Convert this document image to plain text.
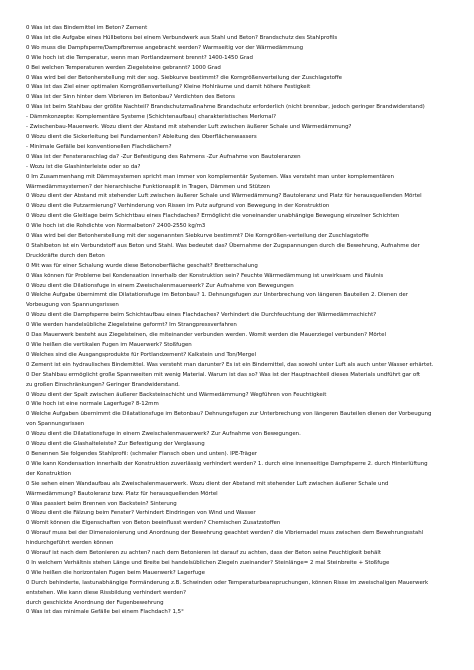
0 Was ist das Bindemittel im Beton? Zement
0 Was ist die Aufgabe eines Hüllbetons bei einem Verbundwerk aus Stahl und Beton? Brandschutz des Stahlprofils
0 Wo muss die Dampfsperre/Dampfbremse angebracht werden? Warmseitig vor der Wärmedämmung
0 Wie hoch ist die Temperatur, wenn man Portlandzement brennt? 1400-1450 Grad
0 Bei welchen Temperaturen werden Ziegelsteine gebrannt? 1000 Grad
0 Was wird bei der Betonherstellung mit der sog. Siebkurve bestimmt? die Korngrößenverteilung der Zuschlagstoffe
0 Was ist das Ziel einer optimalen Korngrößenverteilung? Kleine Hohlräume und damit höhere Festigkeit
0 Was ist der Sinn hinter dem Vibrieren im Betonbau? Verdichten des Betons
0 Was ist beim Stahlbau der größte Nachteil? Brandschutzmaßnahme Brandschutz erforderlich (nicht brennbar, jedoch geringer Brandwiderstand)
- Dämmkonzepte: Komplementäre Systeme (Schichtenaufbau) charakteristisches Merkmal?
- Zwischenbau-Mauerwerk. Wozu dient der Abstand mit stehender Luft zwischen äußerer Schale und Wärmedämmung?
0 Wozu dient die Sickerleitung bei Fundamenten? Ableitung des Oberflächenwassers
- Minimale Gefälle bei konventionellen Flachdächern?
0 Was ist der Fensteranschlag da? -Zur Befestigung des Rahmens -Zur Aufnahme von Bautoleranzen
- Wozu ist die Glashinterleiste oder so da?
0 Im Zusammenhang mit Dämmsystemen spricht man immer von komplementär Systemen. Was versteht man unter komplementären
Wärmedämmsystemen? der hierarchische Funktionssplit in Tragen, Dämmen und Stützen
0 Wozu dient der Abstand mit stehender Luft zwischen äußerer Schale und Wärmedämmung? Bautoleranz und Platz für herausquellenden Mörtel
0 Wozu dient die Putzarmierung? Verhinderung von Rissen im Putz aufgrund von Bewegung in der Konstruktion
0 Wozu dient die Gleitlage beim Schichtbau eines Flachdaches? Ermöglicht die voneinander unabhängige Bewegung einzelner Schichten
0 Wie hoch ist die Rohdichte von Normalbeton? 2400-2550 kg/m3
0 Was wird bei der Betonherstellung mit der sogenannten Siebkurve bestimmt? Die Korngrößen-verteilung der Zuschlagstoffe
0 Stahlbeton ist ein Verbundstoff aus Beton und Stahl. Was bedeutet das? Übernahme der Zugspannungen durch die Bewehrung, Aufnahme der
Druckkräfte durch den Beton
0 Mit was für einer Schalung wurde diese Betonoberfläche geschalt? Bretterschalung
0 Was können für Probleme bei Kondensation innerhalb der Konstruktion sein? Feuchte Wärmedämmung ist unwirksam und Fäulnis
0 Wozu dient die Dilationsfuge in einem Zweischalenmauerwerk? Zur Aufnahme von Bewegungen
0 Welche Aufgabe übernimmt die Dilatationsfuge im Betonbau? 1. Dehnungsfugen zur Unterbrechung von längeren Bauteilen 2. Dienen der
Vorbeugung von Spannungsrissen
0 Wozu dient die Dampfsperre beim Schichtaufbau eines Flachdaches? Verhindert die Durchfeuchtung der Wärmedämmschicht?
0 Wie werden handelsübliche Ziegelsteine geformt? Im Strangpressverfahren
0 Das Mauerwerk besteht aus Ziegelsteinen, die miteinander verbunden werden. Womit werden die Mauerziegel verbunden? Mörtel
0 Wie heißen die vertikalen Fugen im Mauerwerk? Stoßfugen
0 Welches sind die Ausgangsprodukte für Portlandzement? Kalkstein und Ton/Mergel
0 Zement ist ein hydraulisches Bindemittel. Was versteht man darunter? Es ist ein Bindemittel, das sowohl unter Luft als auch unter Wasser erhärtet.
0 Der Stahlbau ermöglicht große Spannweiten mit wenig Material. Warum ist das so? Was ist der Hauptnachteil dieses Materials undführt gar oft
zu großen Einschränkungen? Geringer Brandwiderstand.
0 Wozu dient der Spalt zwischen äußerer Backsteinschicht und Wärmedämmung? Wegführen von Feuchtigkeit
0 Wie hoch ist eine normale Lagerfuge? 8-12mm
0 Welche Aufgaben übernimmt die Dilatationsfuge im Betonbau? Dehnungsfugen zur Unterbrechung von längeren Bauteilen dienen der Vorbeugung
von Spannungsrissen
0 Wozu dient die Dilatationsfuge in einem Zweischalenmauerwerk? Zur Aufnahme von Bewegungen.
0 Wozu dient die Glashalteleiste? Zur Befestigung der Verglasung
0 Benennen Sie folgendes Stahlprofil: (schmaler Flansch oben und unten). IPE-Träger
0 Wie kann Kondensation innerhalb der Konstruktion zuverlässig verhindert werden? 1. durch eine innenseitige Dampfsperre 2. durch Hinterlüftung
der Konstruktion
0 Sie sehen einen Wandaufbau als Zweischalenmauerwerk. Wozu dient der Abstand mit stehender Luft zwischen äußerer Schale und
Wärmedämmung? Bautoleranz bzw. Platz für herausquellenden Mörtel
0 Was passiert beim Brennen von Backstein? Sinterung
0 Wozu dient die Fälzung beim Fenster? Verhindert Eindringen von Wind und Wasser
0 Womit können die Eigenschaften von Beton beeinflusst werden? Chemischen Zusatzstoffen
0 Worauf muss bei der Dimensionierung und Anordnung der Bewehrung geachtet werden? die Vibriernadel muss zwischen dem Bewehrungsstahl
hindurchgeführt werden können
0 Worauf ist nach dem Betonieren zu achten? nach dem Betonieren ist darauf zu achten, dass der Beton seine Feuchtigkeit behält
0 In welchem Verhältnis stehen Länge und Breite bei handelsüblichen Ziegeln zueinander? Steinlänge= 2 mal Steinbreite + Stoßfuge
0 Wie heißen die horizontalen Fugen beim Mauerwerk? Lagerfuge
0 Durch behinderte, lastunabhängige Formänderung z.B. Schwinden oder Temperaturbeanspruchungen, können Risse im zweischaligen Mauerwerk
entstehen. Wie kann diese Rissbildung verhindert werden?
durch geschickte Anordnung der Fugenbewehrung
0 Was ist das minimale Gefälle bei einem Flachdach? 1,5°
